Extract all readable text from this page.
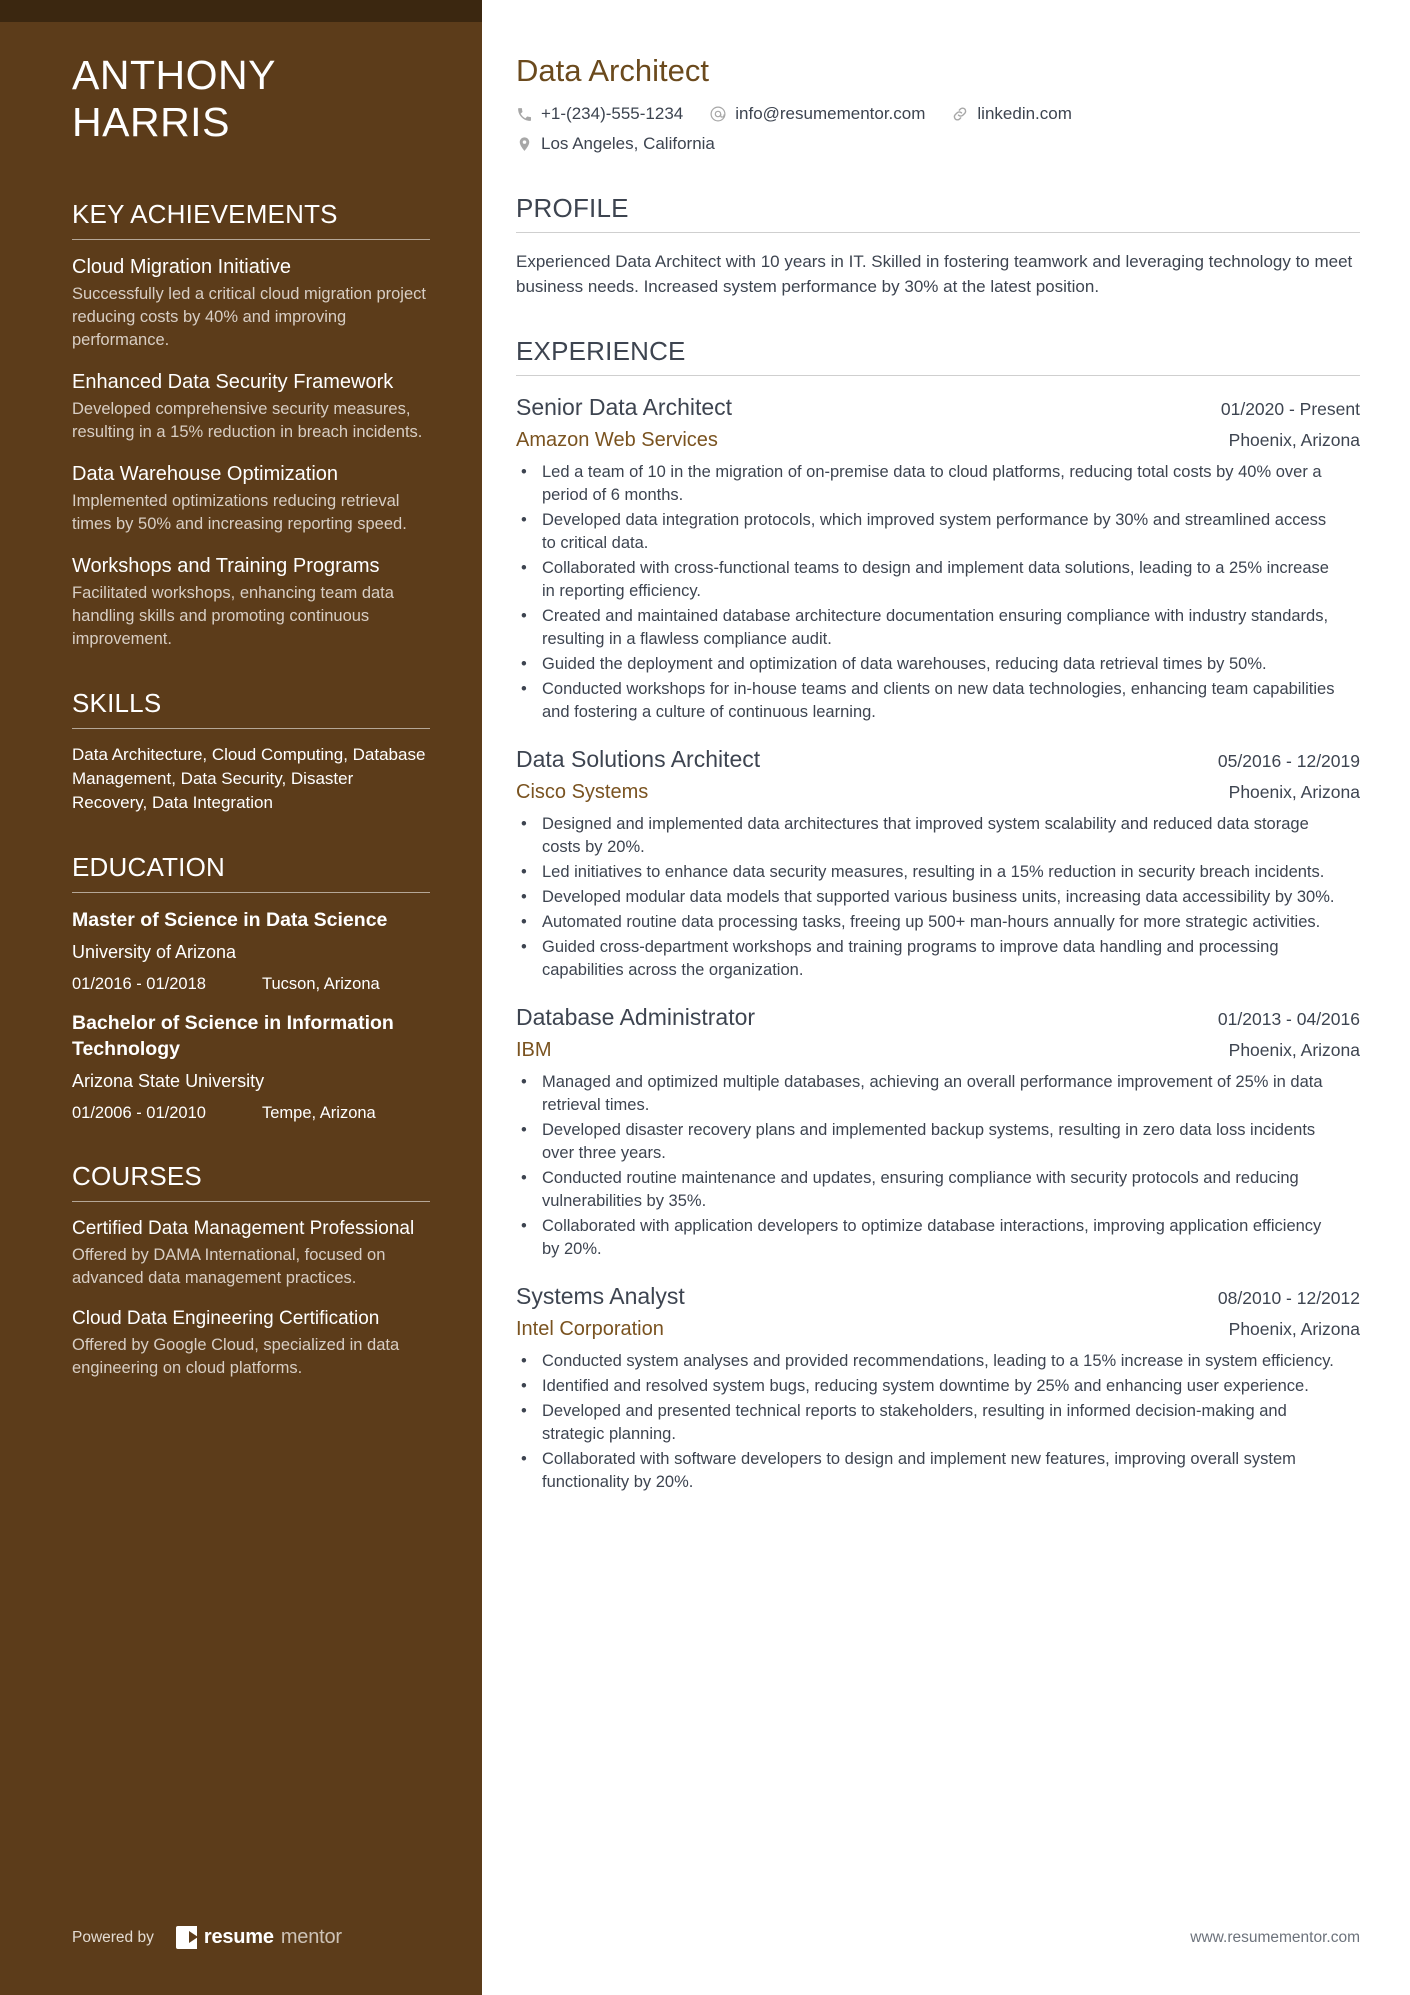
ANTHONY
HARRIS
KEY ACHIEVEMENTS
Cloud Migration Initiative
Successfully led a critical cloud migration project reducing costs by 40% and improving performance.
Enhanced Data Security Framework
Developed comprehensive security measures, resulting in a 15% reduction in breach incidents.
Data Warehouse Optimization
Implemented optimizations reducing retrieval times by 50% and increasing reporting speed.
Workshops and Training Programs
Facilitated workshops, enhancing team data handling skills and promoting continuous improvement.
SKILLS
Data Architecture, Cloud Computing, Database Management, Data Security, Disaster Recovery, Data Integration
EDUCATION
Master of Science in Data Science
University of Arizona
01/2016 - 01/2018	Tucson, Arizona
Bachelor of Science in Information Technology
Arizona State University
01/2006 - 01/2010	Tempe, Arizona
COURSES
Certified Data Management Professional
Offered by DAMA International, focused on advanced data management practices.
Cloud Data Engineering Certification
Offered by Google Cloud, specialized in data engineering on cloud platforms.
Powered by	resume mentor
Data Architect
+1-(234)-555-1234	info@resumementor.com	linkedin.com
Los Angeles, California
PROFILE

Experienced Data Architect with 10 years in IT. Skilled in fostering teamwork and leveraging technology to meet business needs. Increased system performance by 30% at the latest position.

EXPERIENCE
Senior Data Architect	01/2020 - Present
Amazon Web Services	Phoenix, Arizona
• Led a team of 10 in the migration of on-premise data to cloud platforms, reducing total costs by 40% over a period of 6 months.
• Developed data integration protocols, which improved system performance by 30% and streamlined access to critical data.
• Collaborated with cross-functional teams to design and implement data solutions, leading to a 25% increase in reporting efficiency.
• Created and maintained database architecture documentation ensuring compliance with industry standards, resulting in a flawless compliance audit.
• Guided the deployment and optimization of data warehouses, reducing data retrieval times by 50%.
• Conducted workshops for in-house teams and clients on new data technologies, enhancing team capabilities and fostering a culture of continuous learning.
Data Solutions Architect	05/2016 - 12/2019
Cisco Systems	Phoenix, Arizona
• Designed and implemented data architectures that improved system scalability and reduced data storage costs by 20%.
• Led initiatives to enhance data security measures, resulting in a 15% reduction in security breach incidents.
• Developed modular data models that supported various business units, increasing data accessibility by 30%.
• Automated routine data processing tasks, freeing up 500+ man-hours annually for more strategic activities.
• Guided cross-department workshops and training programs to improve data handling and processing capabilities across the organization.
Database Administrator	01/2013 - 04/2016
IBM	Phoenix, Arizona
• Managed and optimized multiple databases, achieving an overall performance improvement of 25% in data retrieval times.
• Developed disaster recovery plans and implemented backup systems, resulting in zero data loss incidents over three years.
• Conducted routine maintenance and updates, ensuring compliance with security protocols and reducing vulnerabilities by 35%.
• Collaborated with application developers to optimize database interactions, improving application efficiency by 20%.
Systems Analyst	08/2010 - 12/2012
Intel Corporation	Phoenix, Arizona
• Conducted system analyses and provided recommendations, leading to a 15% increase in system efficiency.
• Identified and resolved system bugs, reducing system downtime by 25% and enhancing user experience.
• Developed and presented technical reports to stakeholders, resulting in informed decision-making and strategic planning.
• Collaborated with software developers to design and implement new features, improving overall system functionality by 20%.
www.resumementor.com
